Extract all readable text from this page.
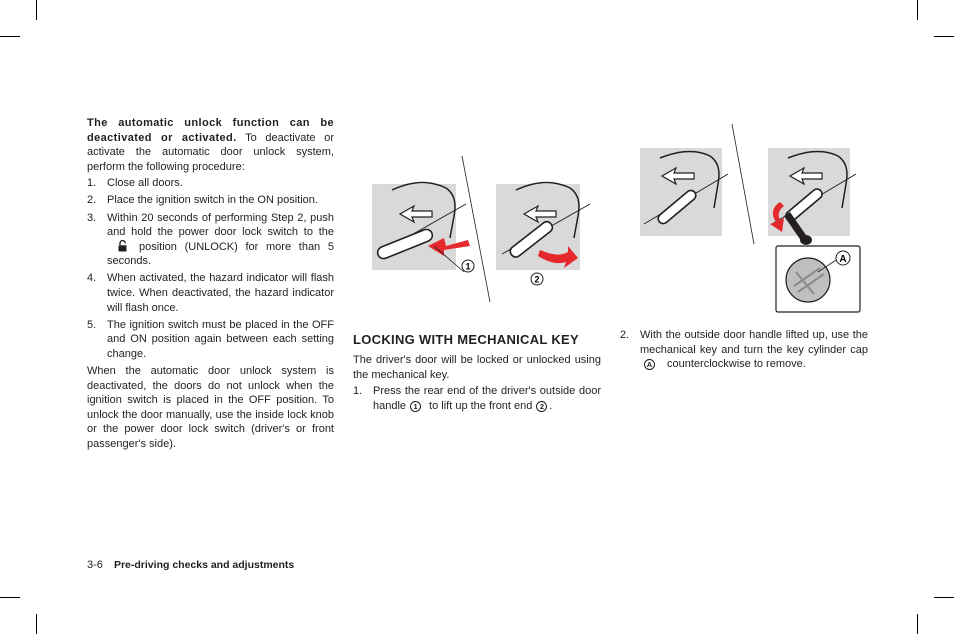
The automatic unlock function can be deactivated or activated. To deactivate or activate the automatic door unlock system, perform the following procedure:

1. Close all doors.
2. Place the ignition switch in the ON position.
3. Within 20 seconds of performing Step 2, push and hold the power door lock switch to theposition (UNLOCK) for more than 5 seconds.
4. When activated, the hazard indicator will flash twice. When deactivated, the hazard indicator will flash once.
5. The ignition switch must be placed in the OFF and ON position again between each setting change.

When the automatic door unlock system is deactivated, the doors do not unlock when the ignition switch is placed in the OFF position. To unlock the door manually, use the inside lock knob or the power door lock switch (driver's or front passenger's side).

1
2
LOCKING WITH MECHANICAL KEY

The driver's door will be locked or unlocked using the mechanical key.

1. Press the rear end of the driver's outside door handle 1 to lift up the front end 2 .
A
2. With the outside door handle lifted up, use the mechanical key and turn the key cylinder capA counterclockwise to remove.
3-6 Pre-driving checks and adjustments
